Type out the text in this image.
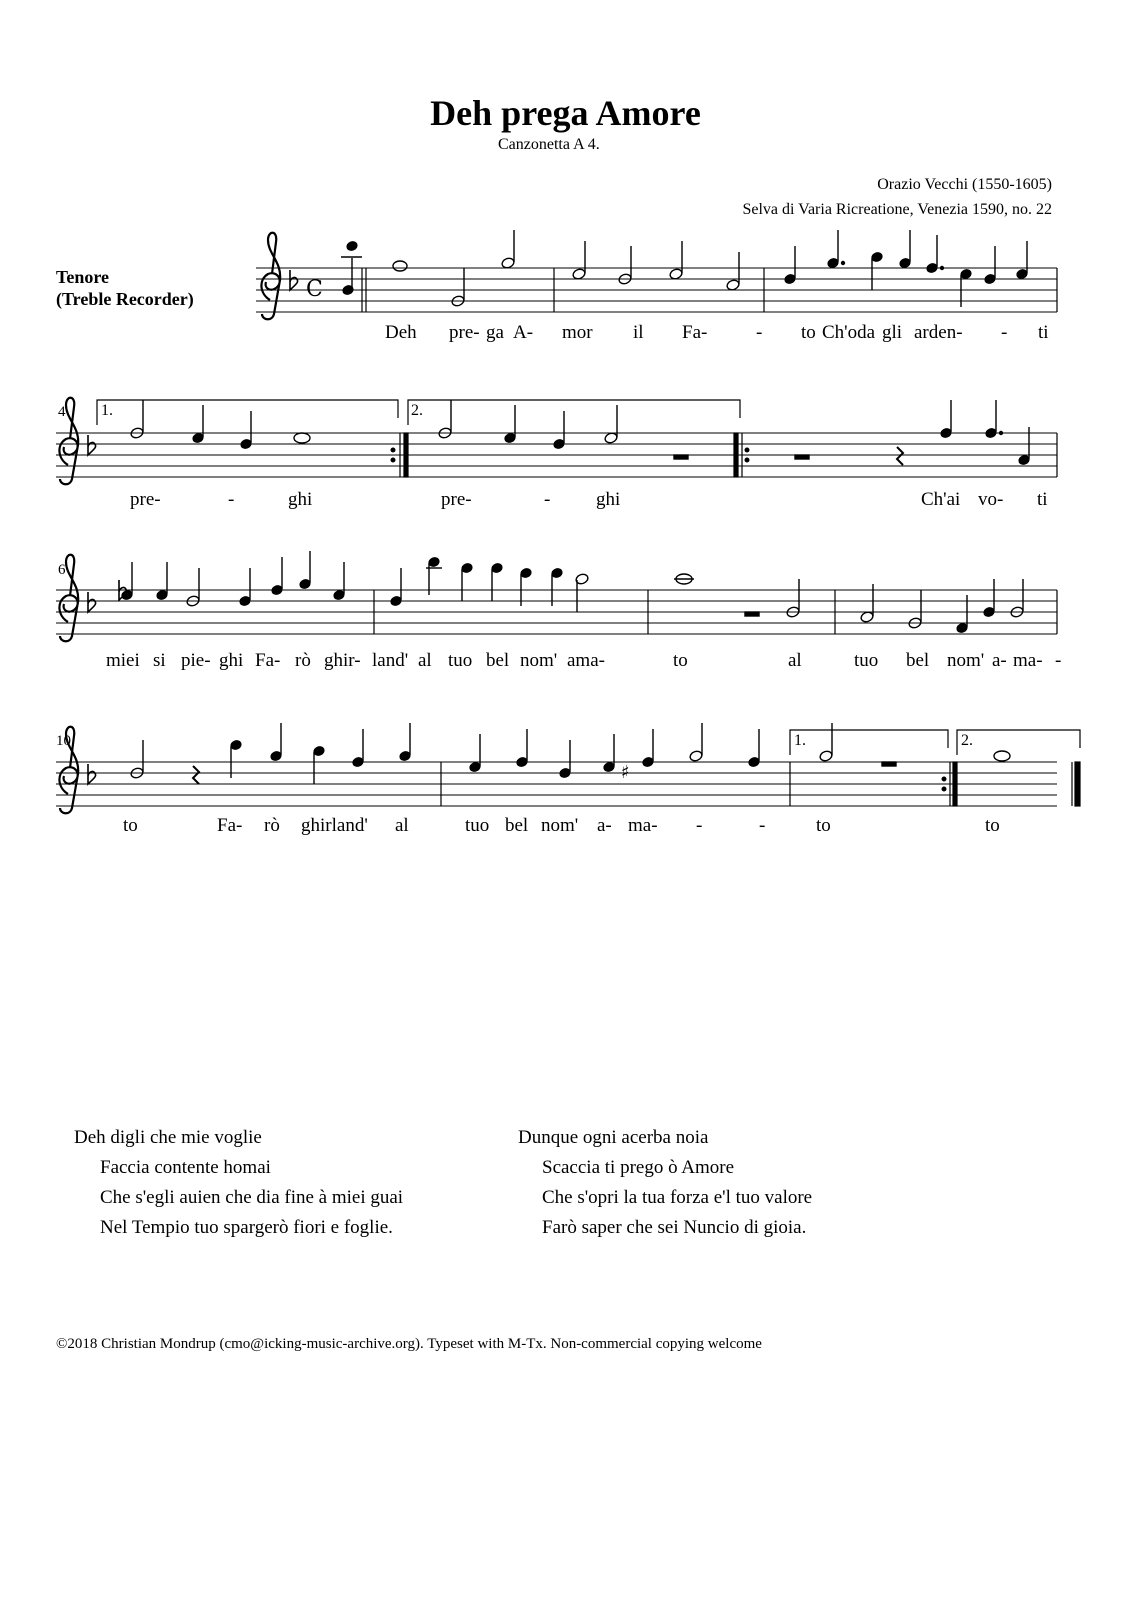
Deh prega Amore
Canzonetta A 4.
Orazio Vecchi (1550-1605)
Selva di Varia Ricreatione, Venezia 1590, no. 22
Tenore
(Treble Recorder)	C
♯
4
6
10
1.	2.
1.	2.
Deh pre- ga A- mor il Fa-	- to Ch'oda gli arden- - ti
pre-	-	ghi	pre-	- ghi	Ch'ai vo- ti
miei si pie- ghi Fa- rò ghir- land' al tuo bel nom' ama-	to	al	tuo bel nom' a- ma- -
to	Fa- rò ghirland' al	tuo bel nom' a- ma- -	-	to	to
Deh digli che mie voglie
Faccia contente homai
Che s'egli auien che dia fine à miei guai
Nel Tempio tuo spargerò fiori e foglie.
Dunque ogni acerba noia
Scaccia ti prego ò Amore
Che s'opri la tua forza e'l tuo valore
Farò saper che sei Nuncio di gioia.
©2018 Christian Mondrup (cmo@icking-music-archive.org). Typeset with M-Tx. Non-commercial copying welcome
